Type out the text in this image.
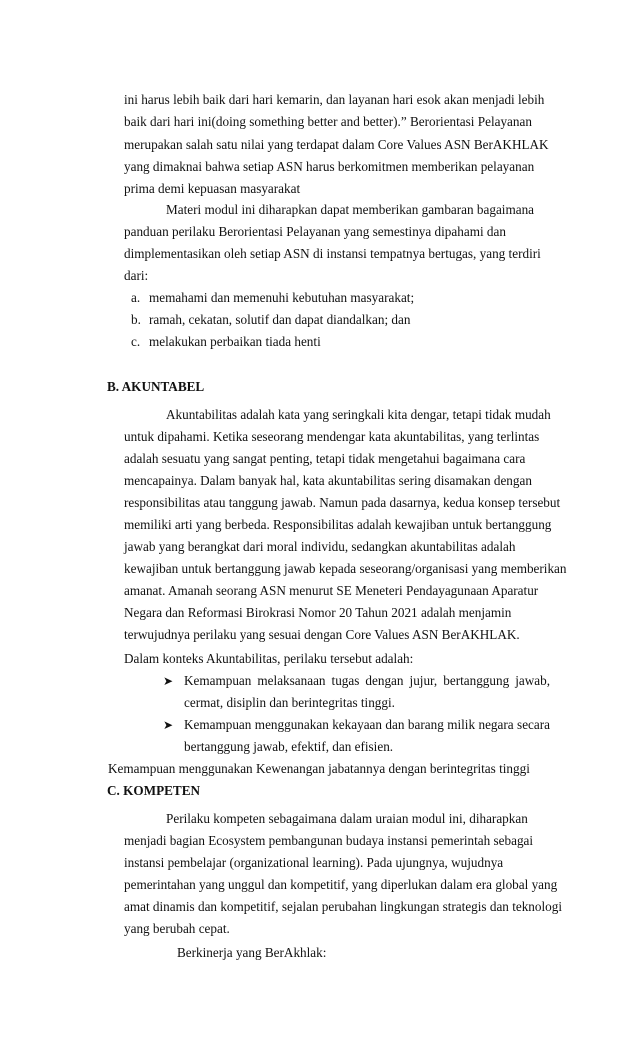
ini harus lebih baik dari hari kemarin, dan layanan hari esok akan menjadi lebih
baik dari hari ini(doing something better and better).” Berorientasi Pelayanan
merupakan salah satu nilai yang terdapat dalam Core Values ASN BerAKHLAK
yang dimaknai bahwa setiap ASN harus berkomitmen memberikan pelayanan
prima demi kepuasan masyarakat
Materi modul ini diharapkan dapat memberikan gambaran bagaimana
panduan perilaku Berorientasi Pelayanan yang semestinya dipahami dan
dimplementasikan oleh setiap ASN di instansi tempatnya bertugas, yang terdiri
dari:
a. memahami dan memenuhi kebutuhan masyarakat;
b. ramah, cekatan, solutif dan dapat diandalkan; dan
c. melakukan perbaikan tiada henti
B. AKUNTABEL
Akuntabilitas adalah kata yang seringkali kita dengar, tetapi tidak mudah
untuk dipahami. Ketika seseorang mendengar kata akuntabilitas, yang terlintas
adalah sesuatu yang sangat penting, tetapi tidak mengetahui bagaimana cara
mencapainya. Dalam banyak hal, kata akuntabilitas sering disamakan dengan
responsibilitas atau tanggung jawab. Namun pada dasarnya, kedua konsep tersebut
memiliki arti yang berbeda. Responsibilitas adalah kewajiban untuk bertanggung
jawab yang berangkat dari moral individu, sedangkan akuntabilitas adalah
kewajiban untuk bertanggung jawab kepada seseorang/organisasi yang memberikan
amanat. Amanah seorang ASN menurut SE Meneteri Pendayagunaan Aparatur
Negara dan Reformasi Birokrasi Nomor 20 Tahun 2021 adalah menjamin
terwujudnya perilaku yang sesuai dengan Core Values ASN BerAKHLAK.
Dalam konteks Akuntabilitas, perilaku tersebut adalah:
➤ Kemampuan melaksanaan tugas dengan jujur, bertanggung jawab,
cermat, disiplin dan berintegritas tinggi.
➤ Kemampuan menggunakan kekayaan dan barang milik negara secara
bertanggung jawab, efektif, dan efisien.
Kemampuan menggunakan Kewenangan jabatannya dengan berintegritas tinggi
C. KOMPETEN
Perilaku kompeten sebagaimana dalam uraian modul ini, diharapkan
menjadi bagian Ecosystem pembangunan budaya instansi pemerintah sebagai
instansi pembelajar (organizational learning). Pada ujungnya, wujudnya
pemerintahan yang unggul dan kompetitif, yang diperlukan dalam era global yang
amat dinamis dan kompetitif, sejalan perubahan lingkungan strategis dan teknologi
yang berubah cepat.
Berkinerja yang BerAkhlak:
